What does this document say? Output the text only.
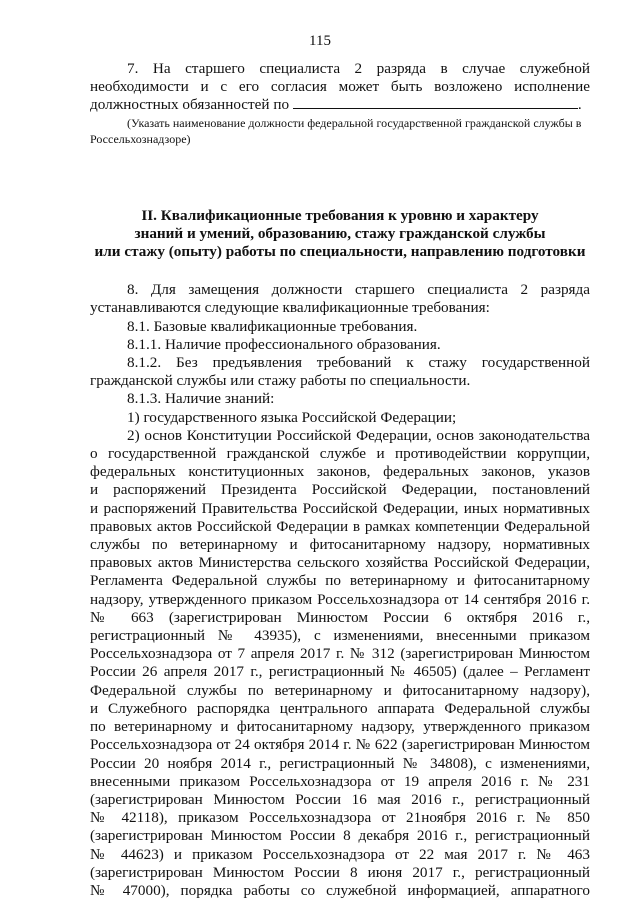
115
7. На старшего специалиста 2 разряда в случае служебной
необходимости и с его согласия может быть возложено исполнение
должностных обязанностей по	.
(Указать наименование должности федеральной государственной гражданской службы в
Россельхознадзоре)
II. Квалификационные требования к уровню и характеру
знаний и умений, образованию, стажу гражданской службы
или стажу (опыту) работы по специальности, направлению подготовки
8. Для замещения должности старшего специалиста 2 разряда
устанавливаются следующие квалификационные требования:
8.1. Базовые квалификационные требования.
8.1.1. Наличие профессионального образования.
8.1.2. Без предъявления требований к стажу государственной
гражданской службы или стажу работы по специальности.
8.1.3. Наличие знаний:
1) государственного языка Российской Федерации;
2) основ Конституции Российской Федерации, основ законодательства
о государственной гражданской службе и противодействии коррупции,
федеральных конституционных законов, федеральных законов, указов
и распоряжений Президента Российской Федерации, постановлений
и распоряжений Правительства Российской Федерации, иных нормативных
правовых актов Российской Федерации в рамках компетенции Федеральной
службы по ветеринарному и фитосанитарному надзору, нормативных
правовых актов Министерства сельского хозяйства Российской Федерации,
Регламента Федеральной службы по ветеринарному и фитосанитарному
надзору, утвержденного приказом Россельхознадзора от 14 сентября 2016 г.
№ 663 (зарегистрирован Минюстом России 6 октября 2016 г.,
регистрационный № 43935), с изменениями, внесенными приказом
Россельхознадзора от 7 апреля 2017 г. № 312 (зарегистрирован Минюстом
России 26 апреля 2017 г., регистрационный № 46505) (далее – Регламент
Федеральной службы по ветеринарному и фитосанитарному надзору),
и Служебного распорядка центрального аппарата Федеральной службы
по ветеринарному и фитосанитарному надзору, утвержденного приказом
Россельхознадзора от 24 октября 2014 г. № 622 (зарегистрирован Минюстом
России 20 ноября 2014 г., регистрационный № 34808), с изменениями,
внесенными приказом Россельхознадзора от 19 апреля 2016 г. № 231
(зарегистрирован Минюстом России 16 мая 2016 г., регистрационный
№ 42118), приказом Россельхознадзора от 21ноября 2016 г. № 850
(зарегистрирован Минюстом России 8 декабря 2016 г., регистрационный
№ 44623) и приказом Россельхознадзора от 22 мая 2017 г. № 463
(зарегистрирован Минюстом России 8 июня 2017 г., регистрационный
№ 47000), порядка работы со служебной информацией, аппаратного
